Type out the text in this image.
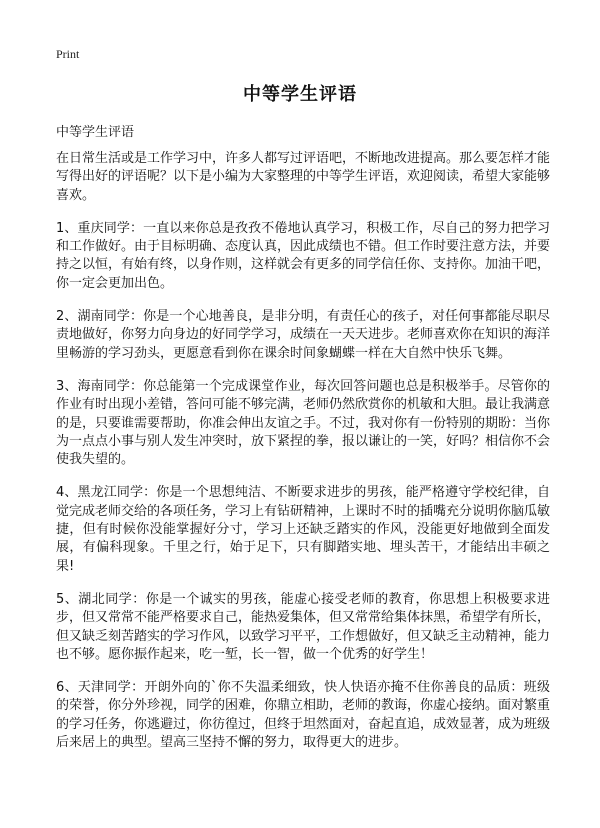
Print
中等学生评语
中等学生评语

在日常生活或是工作学习中，许多人都写过评语吧，不断地改进提高。那么要怎样才能写得出好的评语呢？以下是小编为大家整理的中等学生评语，欢迎阅读，希望大家能够喜欢。

1、重庆同学：一直以来你总是孜孜不倦地认真学习，积极工作，尽自己的努力把学习和工作做好。由于目标明确、态度认真，因此成绩也不错。但工作时要注意方法，并要持之以恒，有始有终，以身作则，这样就会有更多的同学信任你、支持你。加油干吧，你一定会更加出色。

2、湖南同学：你是一个心地善良，是非分明，有责任心的孩子，对任何事都能尽职尽责地做好，你努力向身边的好同学学习，成绩在一天天进步。老师喜欢你在知识的海洋里畅游的学习劲头，更愿意看到你在课余时间象蝴蝶一样在大自然中快乐飞舞。

3、海南同学：你总能第一个完成课堂作业，每次回答问题也总是积极举手。尽管你的作业有时出现小差错，答问可能不够完满，老师仍然欣赏你的机敏和大胆。最让我满意的是，只要谁需要帮助，你准会伸出友谊之手。不过，我对你有一份特别的期盼：当你为一点点小事与别人发生冲突时，放下紧捏的拳，报以谦让的一笑，好吗？相信你不会使我失望的。

4、黑龙江同学：你是一个思想纯洁、不断要求进步的男孩，能严格遵守学校纪律，自觉完成老师交给的各项任务，学习上有钻研精神，上课时不时的插嘴充分说明你脑瓜敏捷，但有时候你没能掌握好分寸，学习上还缺乏踏实的作风，没能更好地做到全面发展，有偏科现象。千里之行，始于足下，只有脚踏实地、埋头苦干，才能结出丰硕之果!

5、湖北同学：你是一个诚实的男孩，能虚心接受老师的教育，你思想上积极要求进步，但又常常不能严格要求自己，能热爱集体，但又常常给集体抹黑，希望学有所长，但又缺乏刻苦踏实的学习作风，以致学习平平，工作想做好，但又缺乏主动精神，能力也不够。愿你振作起来，吃一堑，长一智，做一个优秀的好学生！

6、天津同学：开朗外向的`你不失温柔细致，快人快语亦掩不住你善良的品质：班级的荣誉，你分外珍视，同学的困难，你鼎立相助，老师的教诲，你虚心接纳。面对繁重的学习任务，你逃避过，你彷徨过，但终于坦然面对，奋起直追，成效显著，成为班级后来居上的典型。望高三坚持不懈的努力，取得更大的进步。
